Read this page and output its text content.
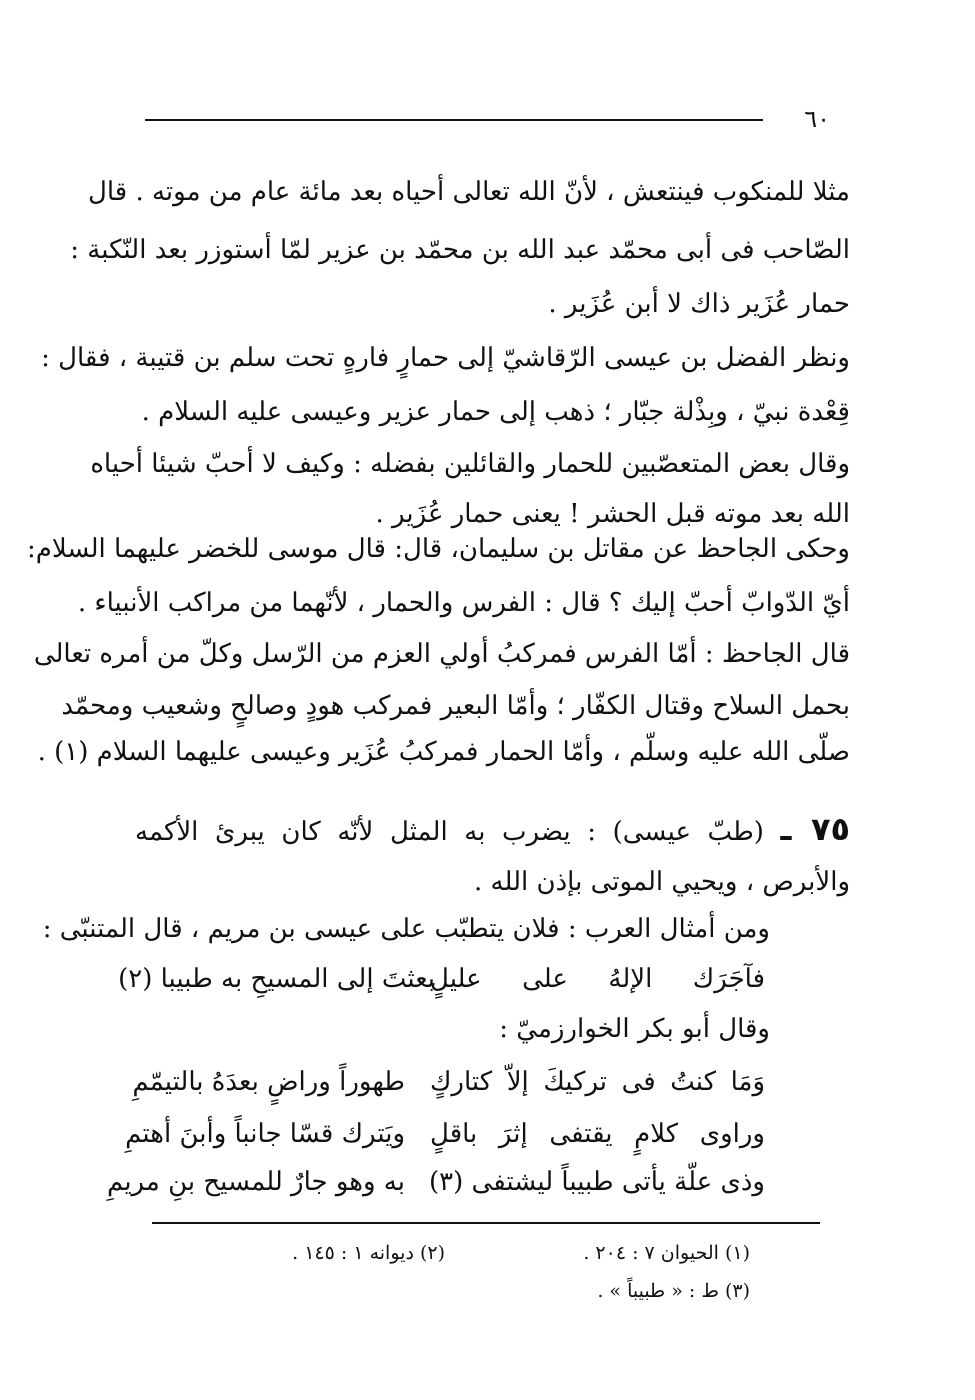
٦٠
مثلا للمنكوب فينتعش ، لأنّ الله تعالى أحياه بعد مائة عام من موته . قال
الصّاحب فى أبى محمّد عبد الله بن محمّد بن عزير لمّا أستوزر بعد النّكبة :
حمار عُزَير ذاك لا أبن عُزَير .
ونظر الفضل بن عيسى الرّقاشيّ إلى حمارٍ فارهٍ تحت سلم بن قتيبة ، فقال :
قِعْدة نبيّ ، وبِذْلة جبّار ؛ ذهب إلى حمار عزير وعيسى عليه السلام .
وقال بعض المتعصّبين للحمار والقائلين بفضله : وكيف لا أحبّ شيئا أحياه
الله بعد موته قبل الحشر ! يعنى حمار عُزَير .
وحكى الجاحظ عن مقاتل بن سليمان، قال: قال موسى للخضر عليهما السلام:
أيّ الدّوابّ أحبّ إليك ؟ قال : الفرس والحمار ، لأنّهما من مراكب الأنبياء .
قال الجاحظ : أمّا الفرس فمركبُ أولي العزم من الرّسل وكلّ من أمره تعالى
بحمل السلاح وقتال الكفّار ؛ وأمّا البعير فمركب هودٍ وصالحٍ وشعيب ومحمّد
صلّى الله عليه وسلّم ، وأمّا الحمار فمركبُ عُزَير وعيسى عليهما السلام (١) .
٧٥ ـ (طبّ عيسى) : يضرب به المثل لأنّه كان يبرئ الأكمه
والأبرص ، ويحيي الموتى بإذن الله .
ومن أمثال العرب : فلان يتطبّب على عيسى بن مريم ، قال المتنبّى :
فآجَرَك الإلهُ على عليلٍ
بعثتَ إلى المسيحِ به طبيبا (٢)
وقال أبو بكر الخوارزميّ :
وَمَا كنتُ فى تركيكَ إلاّ كتاركٍ
طهوراً وراضٍ بعدَهُ بالتيمّمِ
وراوى كلامٍ يقتفى إثرَ باقلٍ
ويَترك قسّا جانباً وأبنَ أهتمِ
وذى علّة يأتى طبيباً ليشتفى (٣)
به وهو جارٌ للمسيح بنِ مريمِ
(١) الحيوان ٧ : ٢٠٤ .
(٢) ديوانه ١ : ١٤٥ .
(٣) ط : « طبيباً » .
